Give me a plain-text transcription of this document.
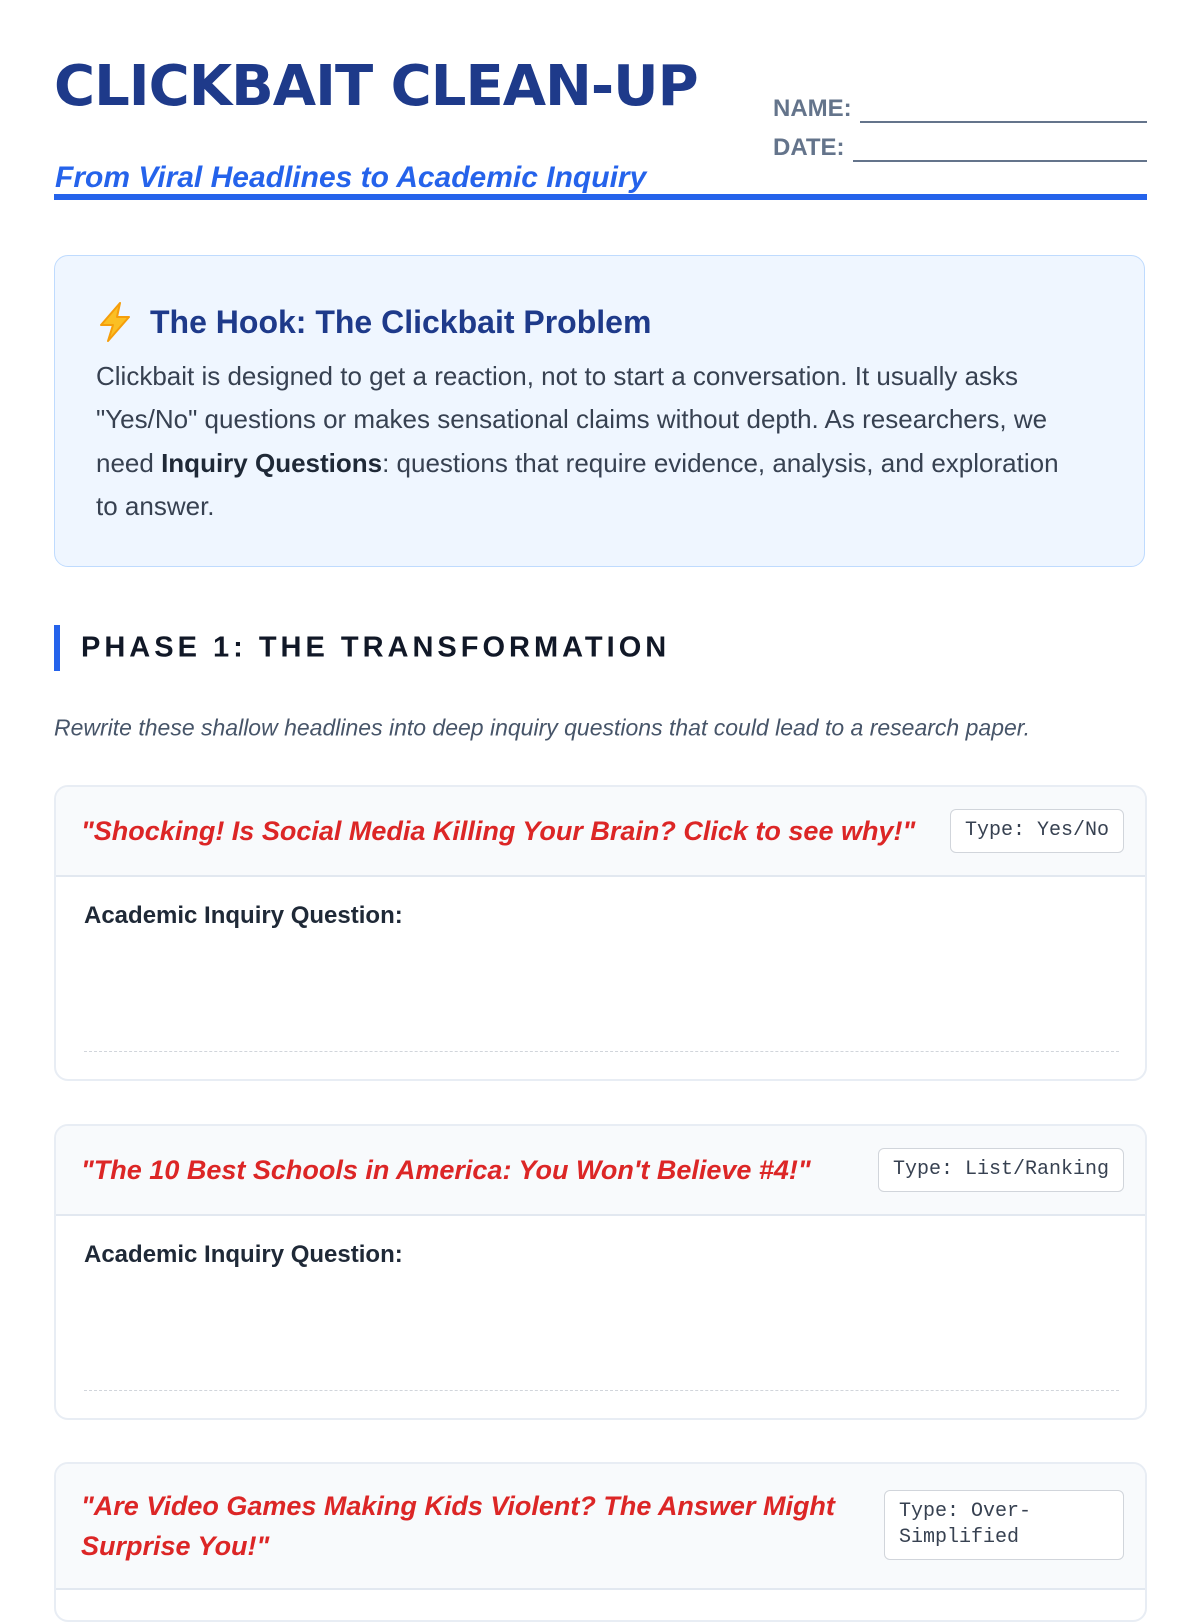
CLICKBAIT CLEAN-UP
From Viral Headlines to Academic Inquiry
NAME:
DATE:
The Hook: The Clickbait Problem
Clickbait is designed to get a reaction, not to start a conversation. It usually asks "Yes/No" questions or makes sensational claims without depth. As researchers, we need Inquiry Questions: questions that require evidence, analysis, and exploration to answer.
PHASE 1: THE TRANSFORMATION
Rewrite these shallow headlines into deep inquiry questions that could lead to a research paper.
"Shocking! Is Social Media Killing Your Brain? Click to see why!"	Type: Yes/No
Academic Inquiry Question:
"The 10 Best Schools in America: You Won't Believe #4!"	Type: List/Ranking
Academic Inquiry Question:
"Are Video Games Making Kids Violent? The Answer Might Surprise You!"
Type: Over-Simplified
